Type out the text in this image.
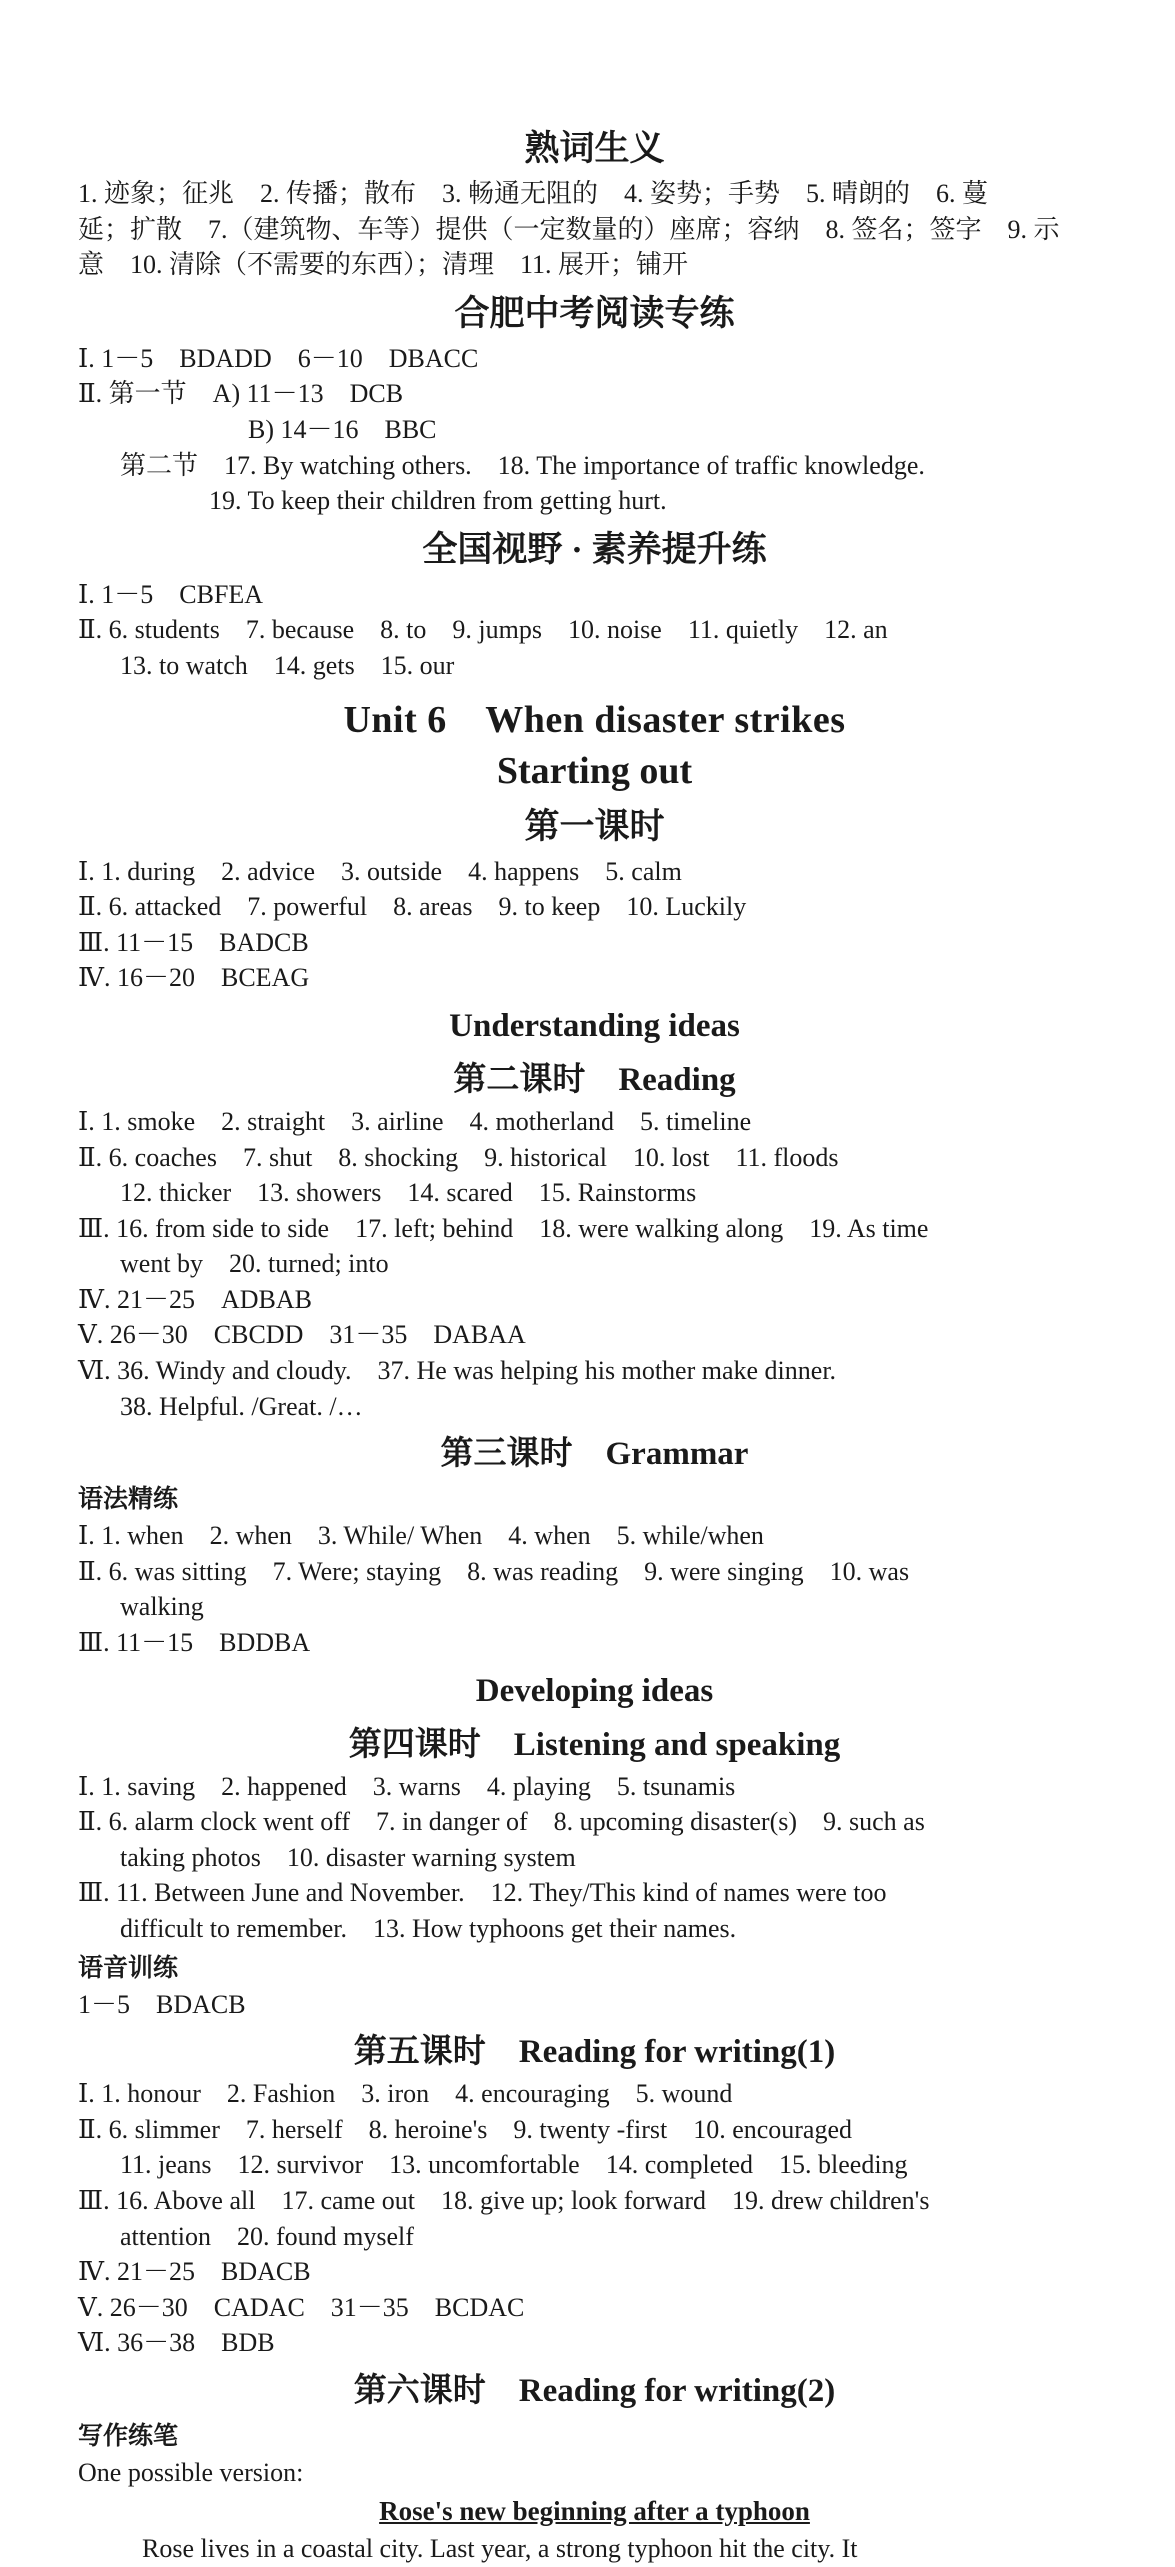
熟词生义
1. 迹象；征兆　2. 传播；散布　3. 畅通无阻的　4. 姿势；手势　5. 晴朗的　6. 蔓
延；扩散　7.（建筑物、车等）提供（一定数量的）座席；容纳　8. 签名；签字　9. 示
意　10. 清除（不需要的东西）；清理　11. 展开；铺开
合肥中考阅读专练
Ⅰ. 1－5　BDADD　6－10　DBACC
Ⅱ. 第一节　A) 11－13　DCB
B) 14－16　BBC
第二节　17. By watching others.　18. The importance of traffic knowledge.
19. To keep their children from getting hurt.
全国视野 · 素养提升练
Ⅰ. 1－5　CBFEA
Ⅱ. 6. students　7. because　8. to　9. jumps　10. noise　11. quietly　12. an
13. to watch　14. gets　15. our
Unit 6　When disaster strikes
Starting out
第一课时
Ⅰ. 1. during　2. advice　3. outside　4. happens　5. calm
Ⅱ. 6. attacked　7. powerful　8. areas　9. to keep　10. Luckily
Ⅲ. 11－15　BADCB
Ⅳ. 16－20　BCEAG
Understanding ideas
第二课时　Reading
Ⅰ. 1. smoke　2. straight　3. airline　4. motherland　5. timeline
Ⅱ. 6. coaches　7. shut　8. shocking　9. historical　10. lost　11. floods
12. thicker　13. showers　14. scared　15. Rainstorms
Ⅲ. 16. from side to side　17. left; behind　18. were walking along　19. As time
went by　20. turned; into
Ⅳ. 21－25　ADBAB
Ⅴ. 26－30　CBCDD　31－35　DABAA
Ⅵ. 36. Windy and cloudy.　37. He was helping his mother make dinner.
38. Helpful. /Great. /…
第三课时　Grammar
语法精练
Ⅰ. 1. when　2. when　3. While/ When　4. when　5. while/when
Ⅱ. 6. was sitting　7. Were; staying　8. was reading　9. were singing　10. was
walking
Ⅲ. 11－15　BDDBA
Developing ideas
第四课时　Listening and speaking
Ⅰ. 1. saving　2. happened　3. warns　4. playing　5. tsunamis
Ⅱ. 6. alarm clock went off　7. in danger of　8. upcoming disaster(s)　9. such as
taking photos　10. disaster warning system
Ⅲ. 11. Between June and November.　12. They/This kind of names were too
difficult to remember.　13. How typhoons get their names.
语音训练
1－5　BDACB
第五课时　Reading for writing(1)
Ⅰ. 1. honour　2. Fashion　3. iron　4. encouraging　5. wound
Ⅱ. 6. slimmer　7. herself　8. heroine's　9. twenty -first　10. encouraged
11. jeans　12. survivor　13. uncomfortable　14. completed　15. bleeding
Ⅲ. 16. Above all　17. came out　18. give up; look forward　19. drew children's
attention　20. found myself
Ⅳ. 21－25　BDACB
Ⅴ. 26－30　CADAC　31－35　BCDAC
Ⅵ. 36－38　BDB
第六课时　Reading for writing(2)
写作练笔
One possible version:
Rose's new beginning after a typhoon
Rose lives in a coastal city. Last year, a strong typhoon hit the city. It
